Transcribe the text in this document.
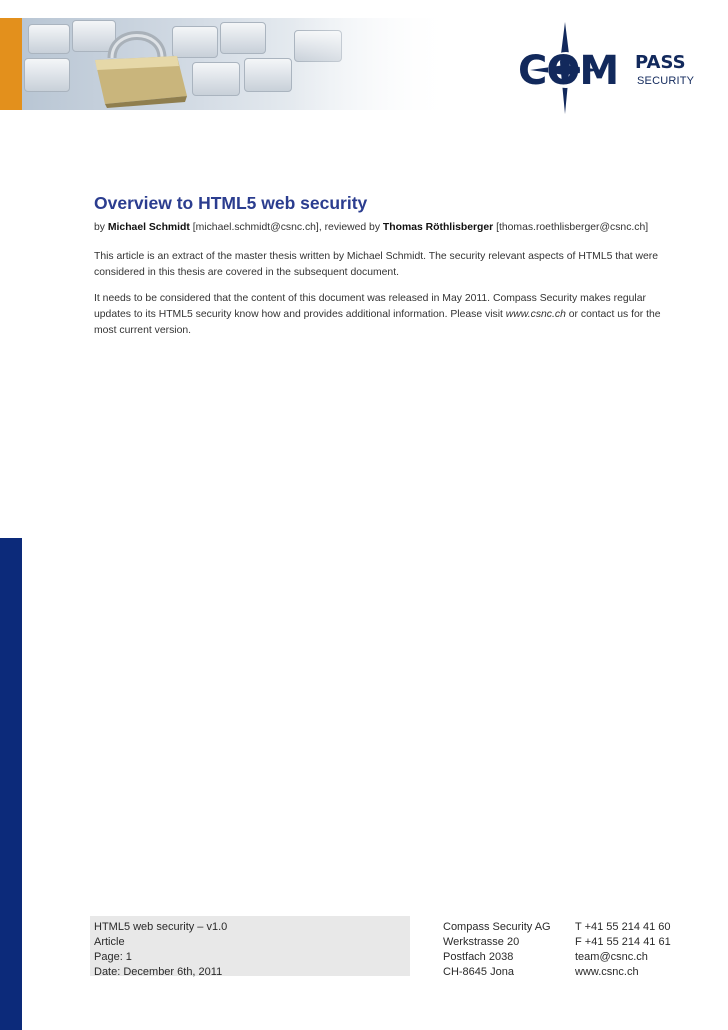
COM PASS
SECURITY
Overview to HTML5 web security
by Michael Schmidt [michael.schmidt@csnc.ch], reviewed by Thomas Röthlisberger [thomas.roethlisberger@csnc.ch]

This article is an extract of the master thesis written by Michael Schmidt. The security relevant aspects of HTML5 that were considered in this thesis are covered in the subsequent document.

It needs to be considered that the content of this document was released in May 2011. Compass Security makes regular updates to its HTML5 security know how and provides additional information. Please visit www.csnc.ch or contact us for the most current version.

HTML5 web security – v1.0
Article
Page: 1
Date: December 6th, 2011
Compass Security AG
Werkstrasse 20
Postfach 2038
CH-8645 Jona
T +41 55 214 41 60
F +41 55 214 41 61
team@csnc.ch
www.csnc.ch
